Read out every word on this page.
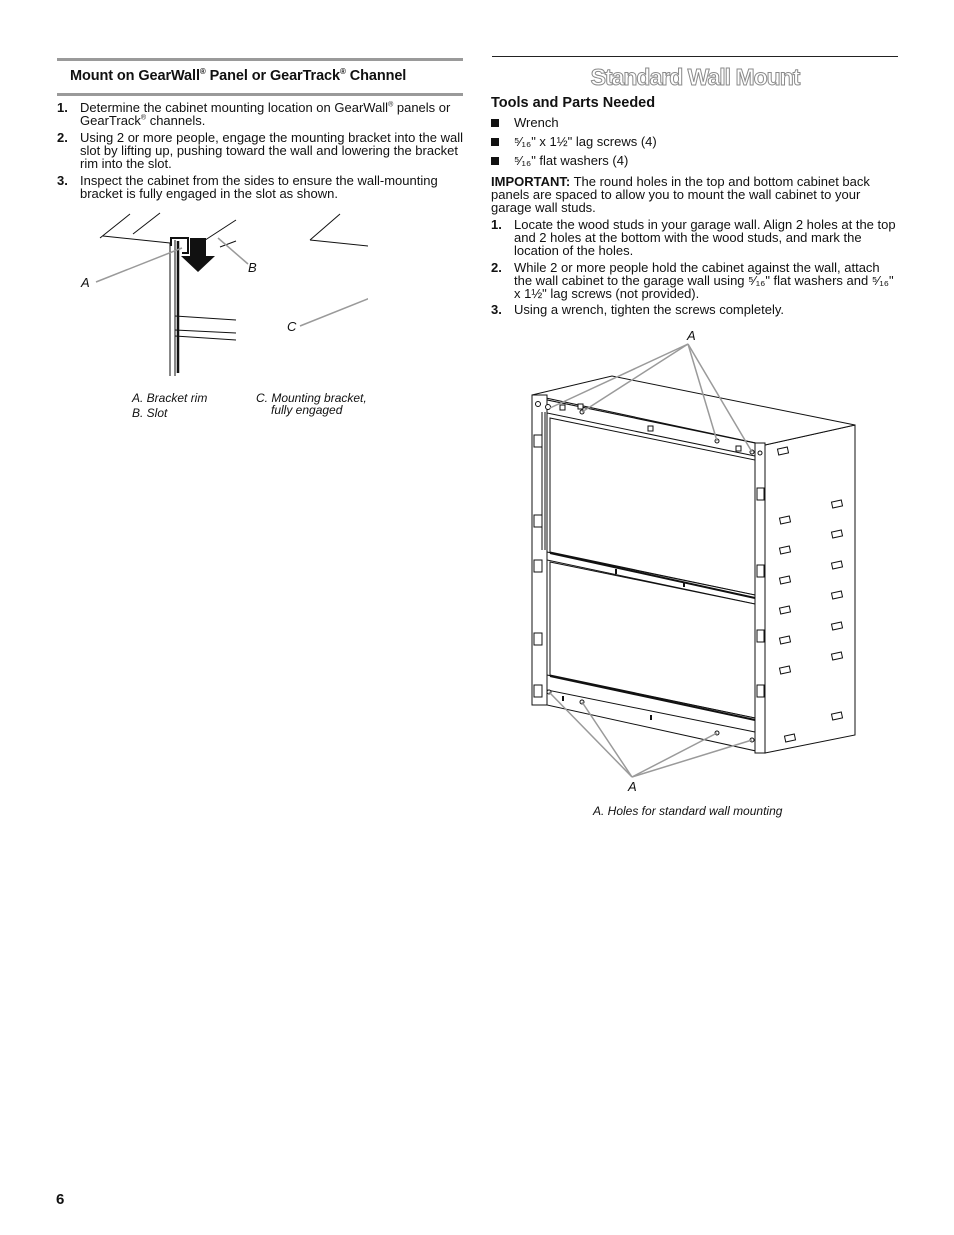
Mount on GearWall® Panel or GearTrack® Channel
1. Determine the cabinet mounting location on GearWall® panels or
GearTrack® channels.
2. Using 2 or more people, engage the mounting bracket into the wall slot by lifting up, pushing toward the wall and lowering the bracket rim into the slot.
3. Inspect the cabinet from the sides to ensure the wall-mounting bracket is fully engaged in the slot as shown.
A
B
C
A. Bracket rim
B. Slot
C. Mounting bracket,
fully engaged
Standard Wall Mount
Tools and Parts Needed
Wrench
⁵⁄₁₆" x 1½" lag screws (4)
⁵⁄₁₆" flat washers (4)
IMPORTANT: The round holes in the top and bottom cabinet back panels are spaced to allow you to mount the wall cabinet to your garage wall studs.
1. Locate the wood studs in your garage wall. Align 2 holes at the top and 2 holes at the bottom with the wood studs, and mark the location of the holes.
2. While 2 or more people hold the cabinet against the wall, attach the wall cabinet to the garage wall using ⁵⁄₁₆" flat washers and ⁵⁄₁₆" x 1½" lag screws (not provided).
3. Using a wrench, tighten the screws completely.
A
A
A. Holes for standard wall mounting
6
